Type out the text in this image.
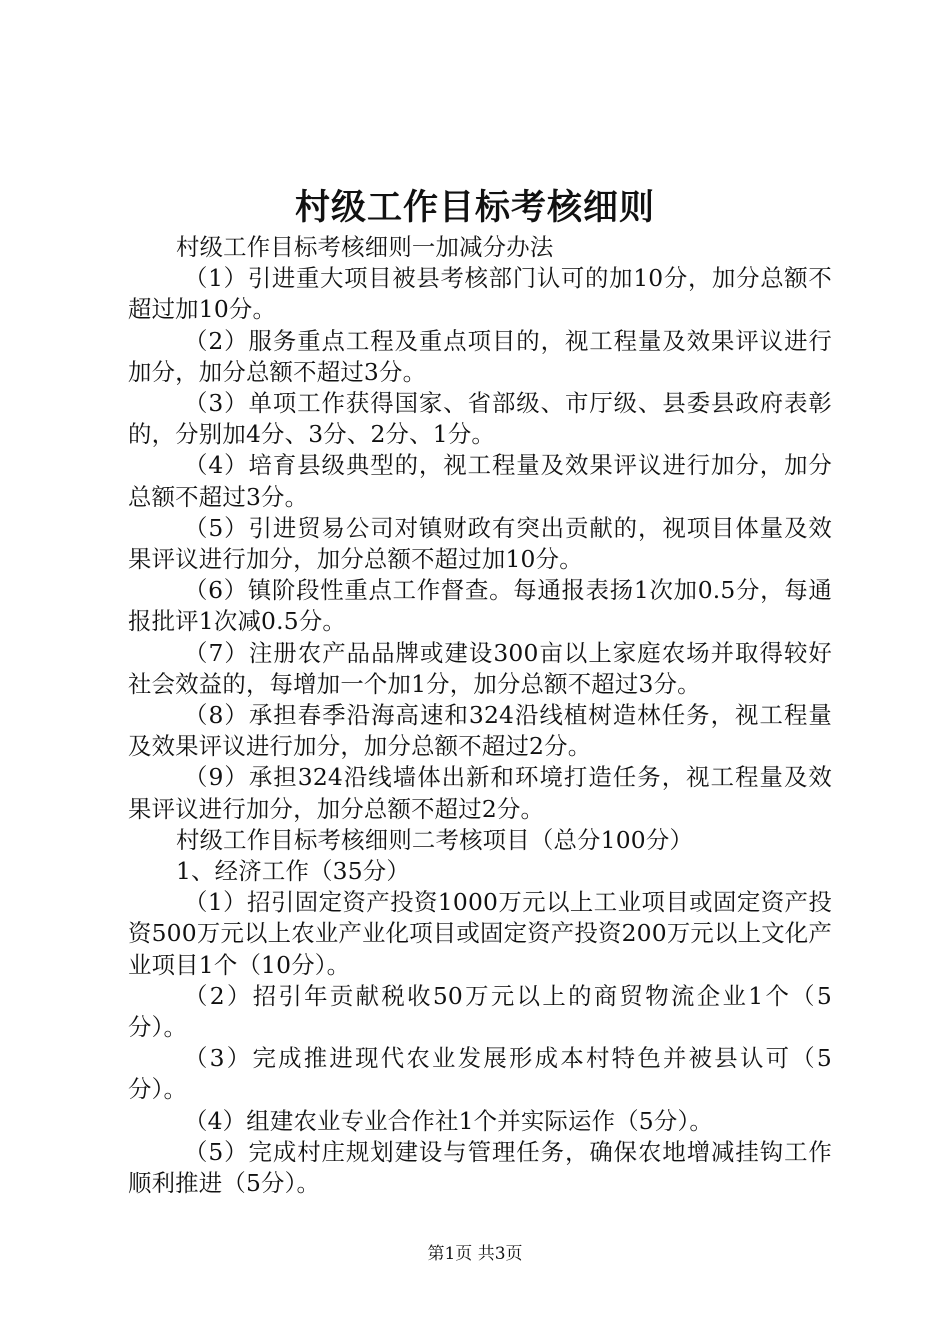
村级工作目标考核细则

村级工作目标考核细则一加减分办法

（1）引进重大项目被县考核部门认可的加10分，加分总额不超过加10分。

（2）服务重点工程及重点项目的，视工程量及效果评议进行加分，加分总额不超过3分。

（3）单项工作获得国家、省部级、市厅级、县委县政府表彰的，分别加4分、3分、2分、1分。

（4）培育县级典型的，视工程量及效果评议进行加分，加分总额不超过3分。

（5）引进贸易公司对镇财政有突出贡献的，视项目体量及效果评议进行加分，加分总额不超过加10分。

（6）镇阶段性重点工作督查。每通报表扬1次加0.5分，每通报批评1次减0.5分。

（7）注册农产品品牌或建设300亩以上家庭农场并取得较好社会效益的，每增加一个加1分，加分总额不超过3分。

（8）承担春季沿海高速和324沿线植树造林任务，视工程量及效果评议进行加分，加分总额不超过2分。

（9）承担324沿线墙体出新和环境打造任务，视工程量及效果评议进行加分，加分总额不超过2分。

村级工作目标考核细则二考核项目（总分100分）

1、经济工作（35分）

（1）招引固定资产投资1000万元以上工业项目或固定资产投资500万元以上农业产业化项目或固定资产投资200万元以上文化产业项目1个（10分）。

（2）招引年贡献税收50万元以上的商贸物流企业1个（5分）。

（3）完成推进现代农业发展形成本村特色并被县认可（5分）。

（4）组建农业专业合作社1个并实际运作（5分）。

（5）完成村庄规划建设与管理任务，确保农地增减挂钩工作顺利推进（5分）。

第1页 共3页
